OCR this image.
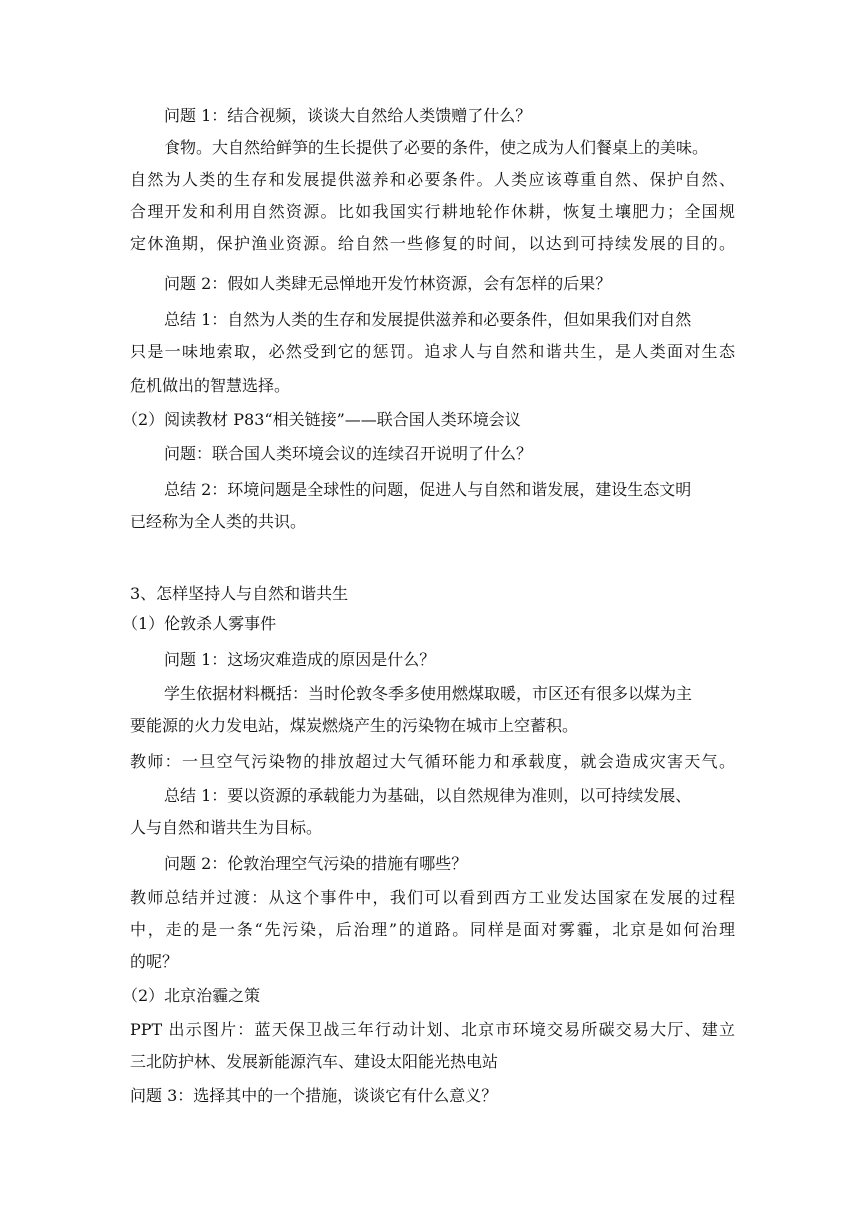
问题 1：结合视频，谈谈大自然给人类馈赠了什么？
食物。大自然给鲜笋的生长提供了必要的条件，使之成为人们餐桌上的美味。
自然为人类的生存和发展提供滋养和必要条件。人类应该尊重自然、保护自然、
合理开发和利用自然资源。比如我国实行耕地轮作休耕，恢复土壤肥力；全国规
定休渔期，保护渔业资源。给自然一些修复的时间，以达到可持续发展的目的。
问题 2：假如人类肆无忌惮地开发竹林资源，会有怎样的后果？
总结 1：自然为人类的生存和发展提供滋养和必要条件，但如果我们对自然
只是一味地索取，必然受到它的惩罚。追求人与自然和谐共生，是人类面对生态
危机做出的智慧选择。
（2）阅读教材 P83“相关链接”——联合国人类环境会议
问题：联合国人类环境会议的连续召开说明了什么？
总结 2：环境问题是全球性的问题，促进人与自然和谐发展，建设生态文明
已经称为全人类的共识。
3、怎样坚持人与自然和谐共生
（1）伦敦杀人雾事件
问题 1：这场灾难造成的原因是什么？
学生依据材料概括：当时伦敦冬季多使用燃煤取暖，市区还有很多以煤为主
要能源的火力发电站，煤炭燃烧产生的污染物在城市上空蓄积。
教师：一旦空气污染物的排放超过大气循环能力和承载度，就会造成灾害天气。
总结 1：要以资源的承载能力为基础，以自然规律为准则，以可持续发展、
人与自然和谐共生为目标。
问题 2：伦敦治理空气污染的措施有哪些？
教师总结并过渡：从这个事件中，我们可以看到西方工业发达国家在发展的过程
中，走的是一条“先污染，后治理”的道路。同样是面对雾霾，北京是如何治理
的呢？
（2）北京治霾之策
PPT 出示图片：蓝天保卫战三年行动计划、北京市环境交易所碳交易大厅、建立
三北防护林、发展新能源汽车、建设太阳能光热电站
问题 3：选择其中的一个措施，谈谈它有什么意义？
